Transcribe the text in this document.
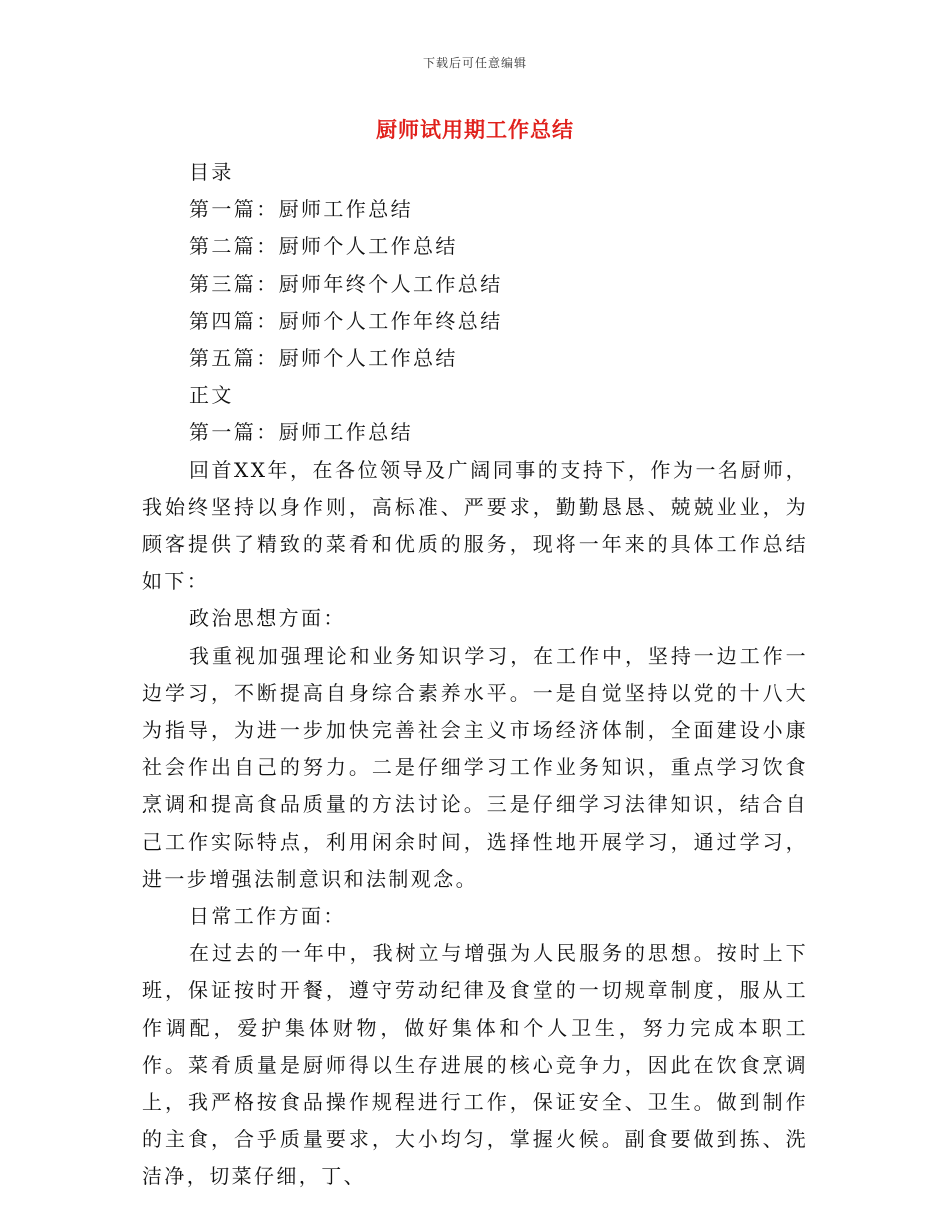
下载后可任意编辑
厨师试用期工作总结

目录

第一篇：厨师工作总结

第二篇：厨师个人工作总结

第三篇：厨师年终个人工作总结

第四篇：厨师个人工作年终总结

第五篇：厨师个人工作总结

正文

第一篇：厨师工作总结

回首XX年，在各位领导及广阔同事的支持下，作为一名厨师，我始终坚持以身作则，高标准、严要求，勤勤恳恳、兢兢业业，为顾客提供了精致的菜肴和优质的服务，现将一年来的具体工作总结如下：

政治思想方面：

我重视加强理论和业务知识学习，在工作中，坚持一边工作一边学习，不断提高自身综合素养水平。一是自觉坚持以党的十八大为指导，为进一步加快完善社会主义市场经济体制，全面建设小康社会作出自己的努力。二是仔细学习工作业务知识，重点学习饮食烹调和提高食品质量的方法讨论。三是仔细学习法律知识，结合自己工作实际特点，利用闲余时间，选择性地开展学习，通过学习，进一步增强法制意识和法制观念。

日常工作方面：

在过去的一年中，我树立与增强为人民服务的思想。按时上下班，保证按时开餐，遵守劳动纪律及食堂的一切规章制度，服从工作调配，爱护集体财物，做好集体和个人卫生，努力完成本职工作。菜肴质量是厨师得以生存进展的核心竞争力，因此在饮食烹调上，我严格按食品操作规程进行工作，保证安全、卫生。做到制作的主食，合乎质量要求，大小均匀，掌握火候。副食要做到拣、洗洁净，切菜仔细，丁、
